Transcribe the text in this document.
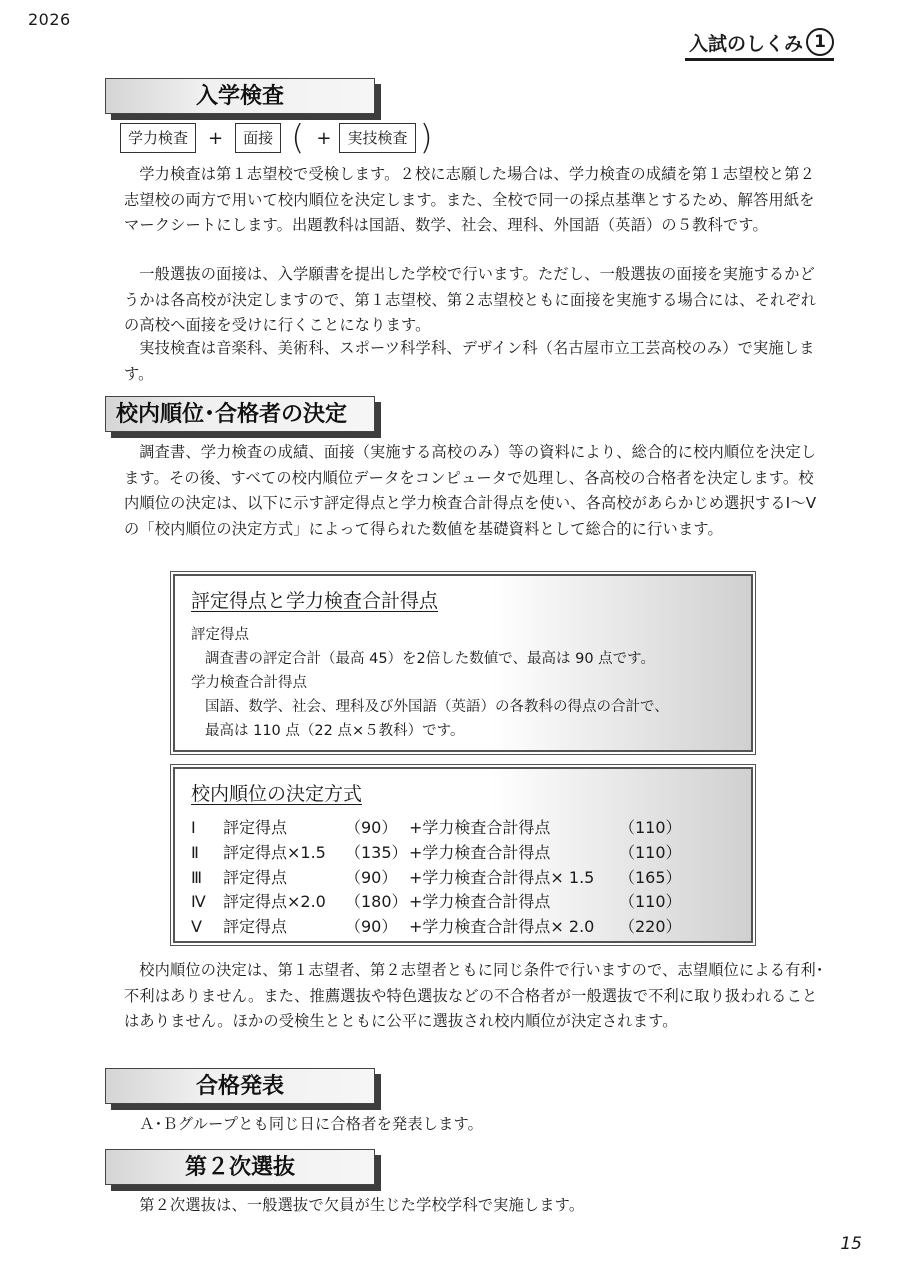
2026
入試のしくみ 1
入学検査
学力検査	+	面接 ( +	実技検査 )

学力検査は第１志望校で受検します。２校に志願した場合は、学力検査の成績を第１志望校と第２志望校の両方で用いて校内順位を決定します。また、全校で同一の採点基準とするため、解答用紙をマークシートにします。出題教科は国語、数学、社会、理科、外国語（英語）の５教科です。

一般選抜の面接は、入学願書を提出した学校で行います。ただし、一般選抜の面接を実施するかどうかは各高校が決定しますので、第１志望校、第２志望校ともに面接を実施する場合には、それぞれの高校へ面接を受けに行くことになります。

実技検査は音楽科、美術科、スポーツ科学科、デザイン科（名古屋市立工芸高校のみ）で実施します。

校内順位･合格者の決定

調査書、学力検査の成績、面接（実施する高校のみ）等の資料により、総合的に校内順位を決定します。その後、すべての校内順位データをコンピュータで処理し、各高校の合格者を決定します。校内順位の決定は、以下に示す評定得点と学力検査合計得点を使い、各高校があらかじめ選択するⅠ～Ⅴの「校内順位の決定方式」によって得られた数値を基礎資料として総合的に行います。

評定得点と学力検査合計得点
評定得点
調査書の評定合計（最高 45）を2倍した数値で、最高は 90 点です。
学力検査合計得点
国語、数学、社会、理科及び外国語（英語）の各教科の得点の合計で、
最高は 110 点（22 点×５教科）です。
校内順位の決定方式
Ⅰ	評定得点	（90） +学力検査合計得点	（110）
Ⅱ	評定得点×1.5	（135） +学力検査合計得点	（110）
Ⅲ	評定得点	（90） +学力検査合計得点× 1.5	（165）
Ⅳ	評定得点×2.0	（180） +学力検査合計得点	（110）
Ⅴ	評定得点	（90） +学力検査合計得点× 2.0	（220）

校内順位の決定は、第１志望者、第２志望者ともに同じ条件で行いますので、志望順位による有利･不利はありません。また、推薦選抜や特色選抜などの不合格者が一般選抜で不利に取り扱われることはありません。ほかの受検生とともに公平に選抜され校内順位が決定されます。

合格発表

Ａ･Ｂグループとも同じ日に合格者を発表します。

第２次選抜

第２次選抜は、一般選抜で欠員が生じた学校学科で実施します。

15
